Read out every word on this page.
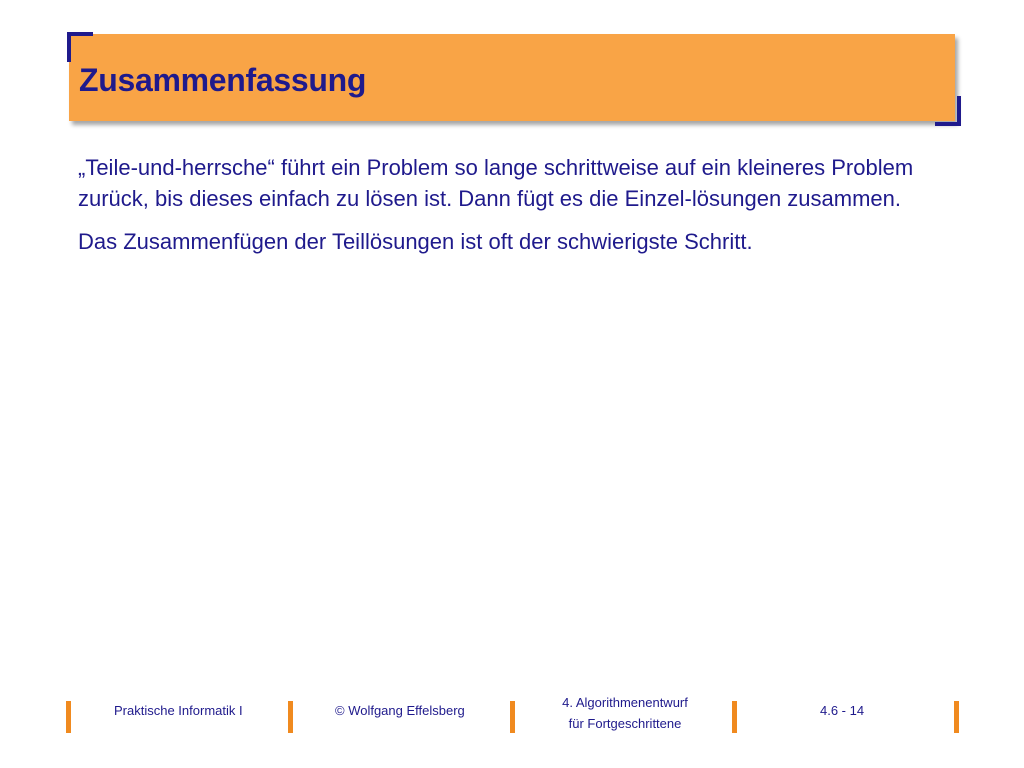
Zusammenfassung

„Teile-und-herrsche“ führt ein Problem so lange schrittweise auf ein kleineres Problem zurück, bis dieses einfach zu lösen ist. Dann fügt es die Einzel-lösungen zusammen.

Das Zusammenfügen der Teillösungen ist oft der schwierigste Schritt.

Praktische Informatik I	© Wolfgang Effelsberg
4. Algorithmenentwurf
für Fortgeschrittene
4.6 - 14
